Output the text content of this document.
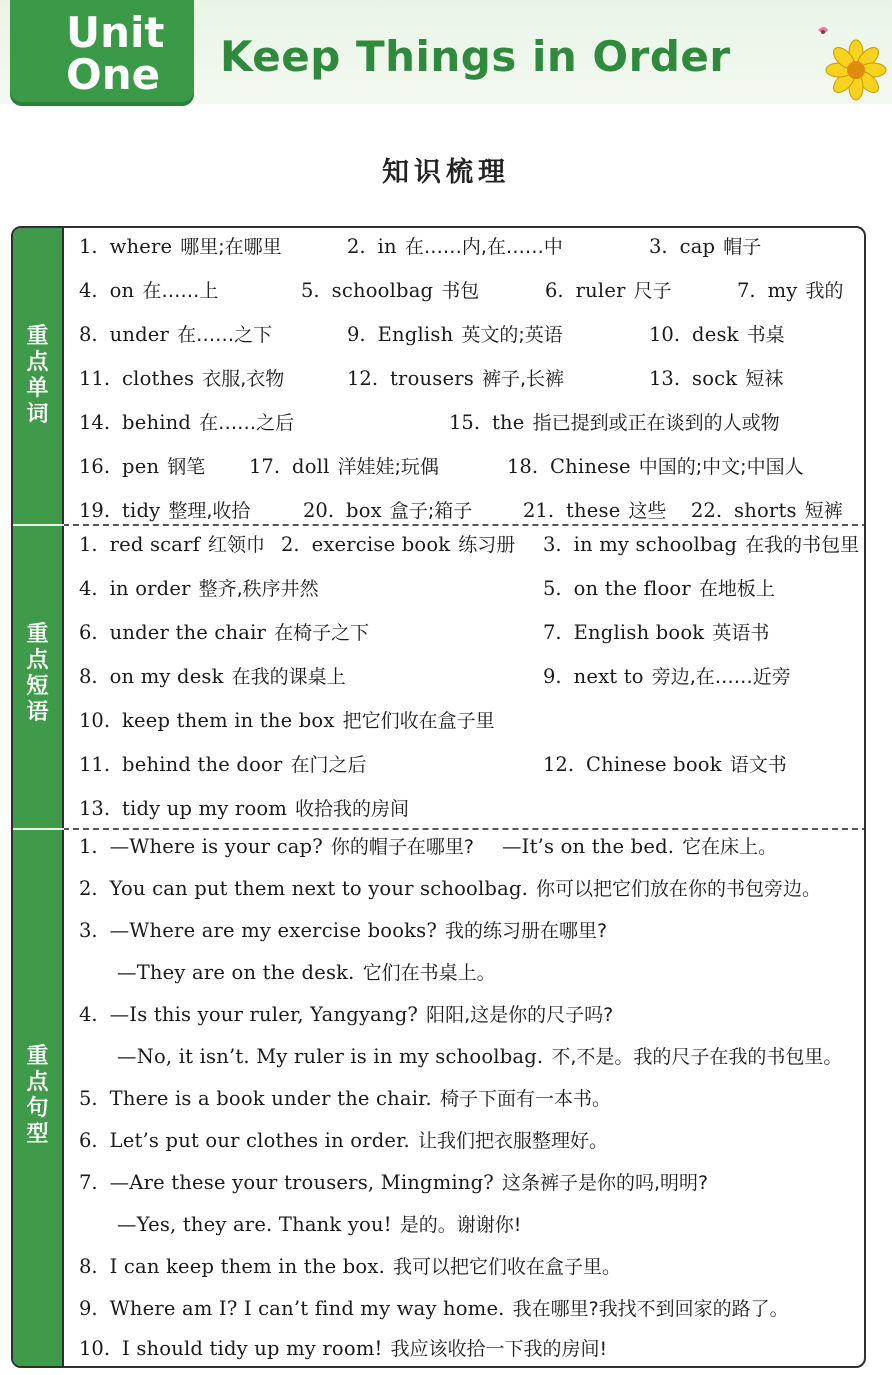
Unit
One	Keep Things in Order
知识梳理
重
点
单
词
重
点
短
语
重
点
句
型
1. where 哪里;在哪里	2. in 在……内,在……中	3. cap 帽子
4. on 在……上	5. schoolbag 书包	6. ruler 尺子	7. my 我的
8. under 在……之下	9. English 英文的;英语	10. desk 书桌
11. clothes 衣服,衣物	12. trousers 裤子,长裤	13. sock 短袜
14. behind 在……之后	15. the 指已提到或正在谈到的人或物
16. pen 钢笔 17. doll 洋娃娃;玩偶	18. Chinese 中国的;中文;中国人
19. tidy 整理,收拾	20. box 盒子;箱子	21. these 这些 22. shorts 短裤
1. red scarf 红领巾 2. exercise book 练习册 3. in my schoolbag 在我的书包里
4. in order 整齐,秩序井然	5. on the floor 在地板上
6. under the chair 在椅子之下	7. English book 英语书
8. on my desk 在我的课桌上	9. next to 旁边,在……近旁
10. keep them in the box 把它们收在盒子里
11. behind the door 在门之后	12. Chinese book 语文书
13. tidy up my room 收拾我的房间
1. —Where is your cap? 你的帽子在哪里? —It’s on the bed. 它在床上。
2. You can put them next to your schoolbag. 你可以把它们放在你的书包旁边。
3. —Where are my exercise books? 我的练习册在哪里?
—They are on the desk. 它们在书桌上。
4. —Is this your ruler, Yangyang? 阳阳,这是你的尺子吗?
—No, it isn’t. My ruler is in my schoolbag. 不,不是。我的尺子在我的书包里。
5. There is a book under the chair. 椅子下面有一本书。
6. Let’s put our clothes in order. 让我们把衣服整理好。
7. —Are these your trousers, Mingming? 这条裤子是你的吗,明明?
—Yes, they are. Thank you! 是的。谢谢你!
8. I can keep them in the box. 我可以把它们收在盒子里。
9. Where am I? I can’t find my way home. 我在哪里?我找不到回家的路了。
10. I should tidy up my room! 我应该收拾一下我的房间!
